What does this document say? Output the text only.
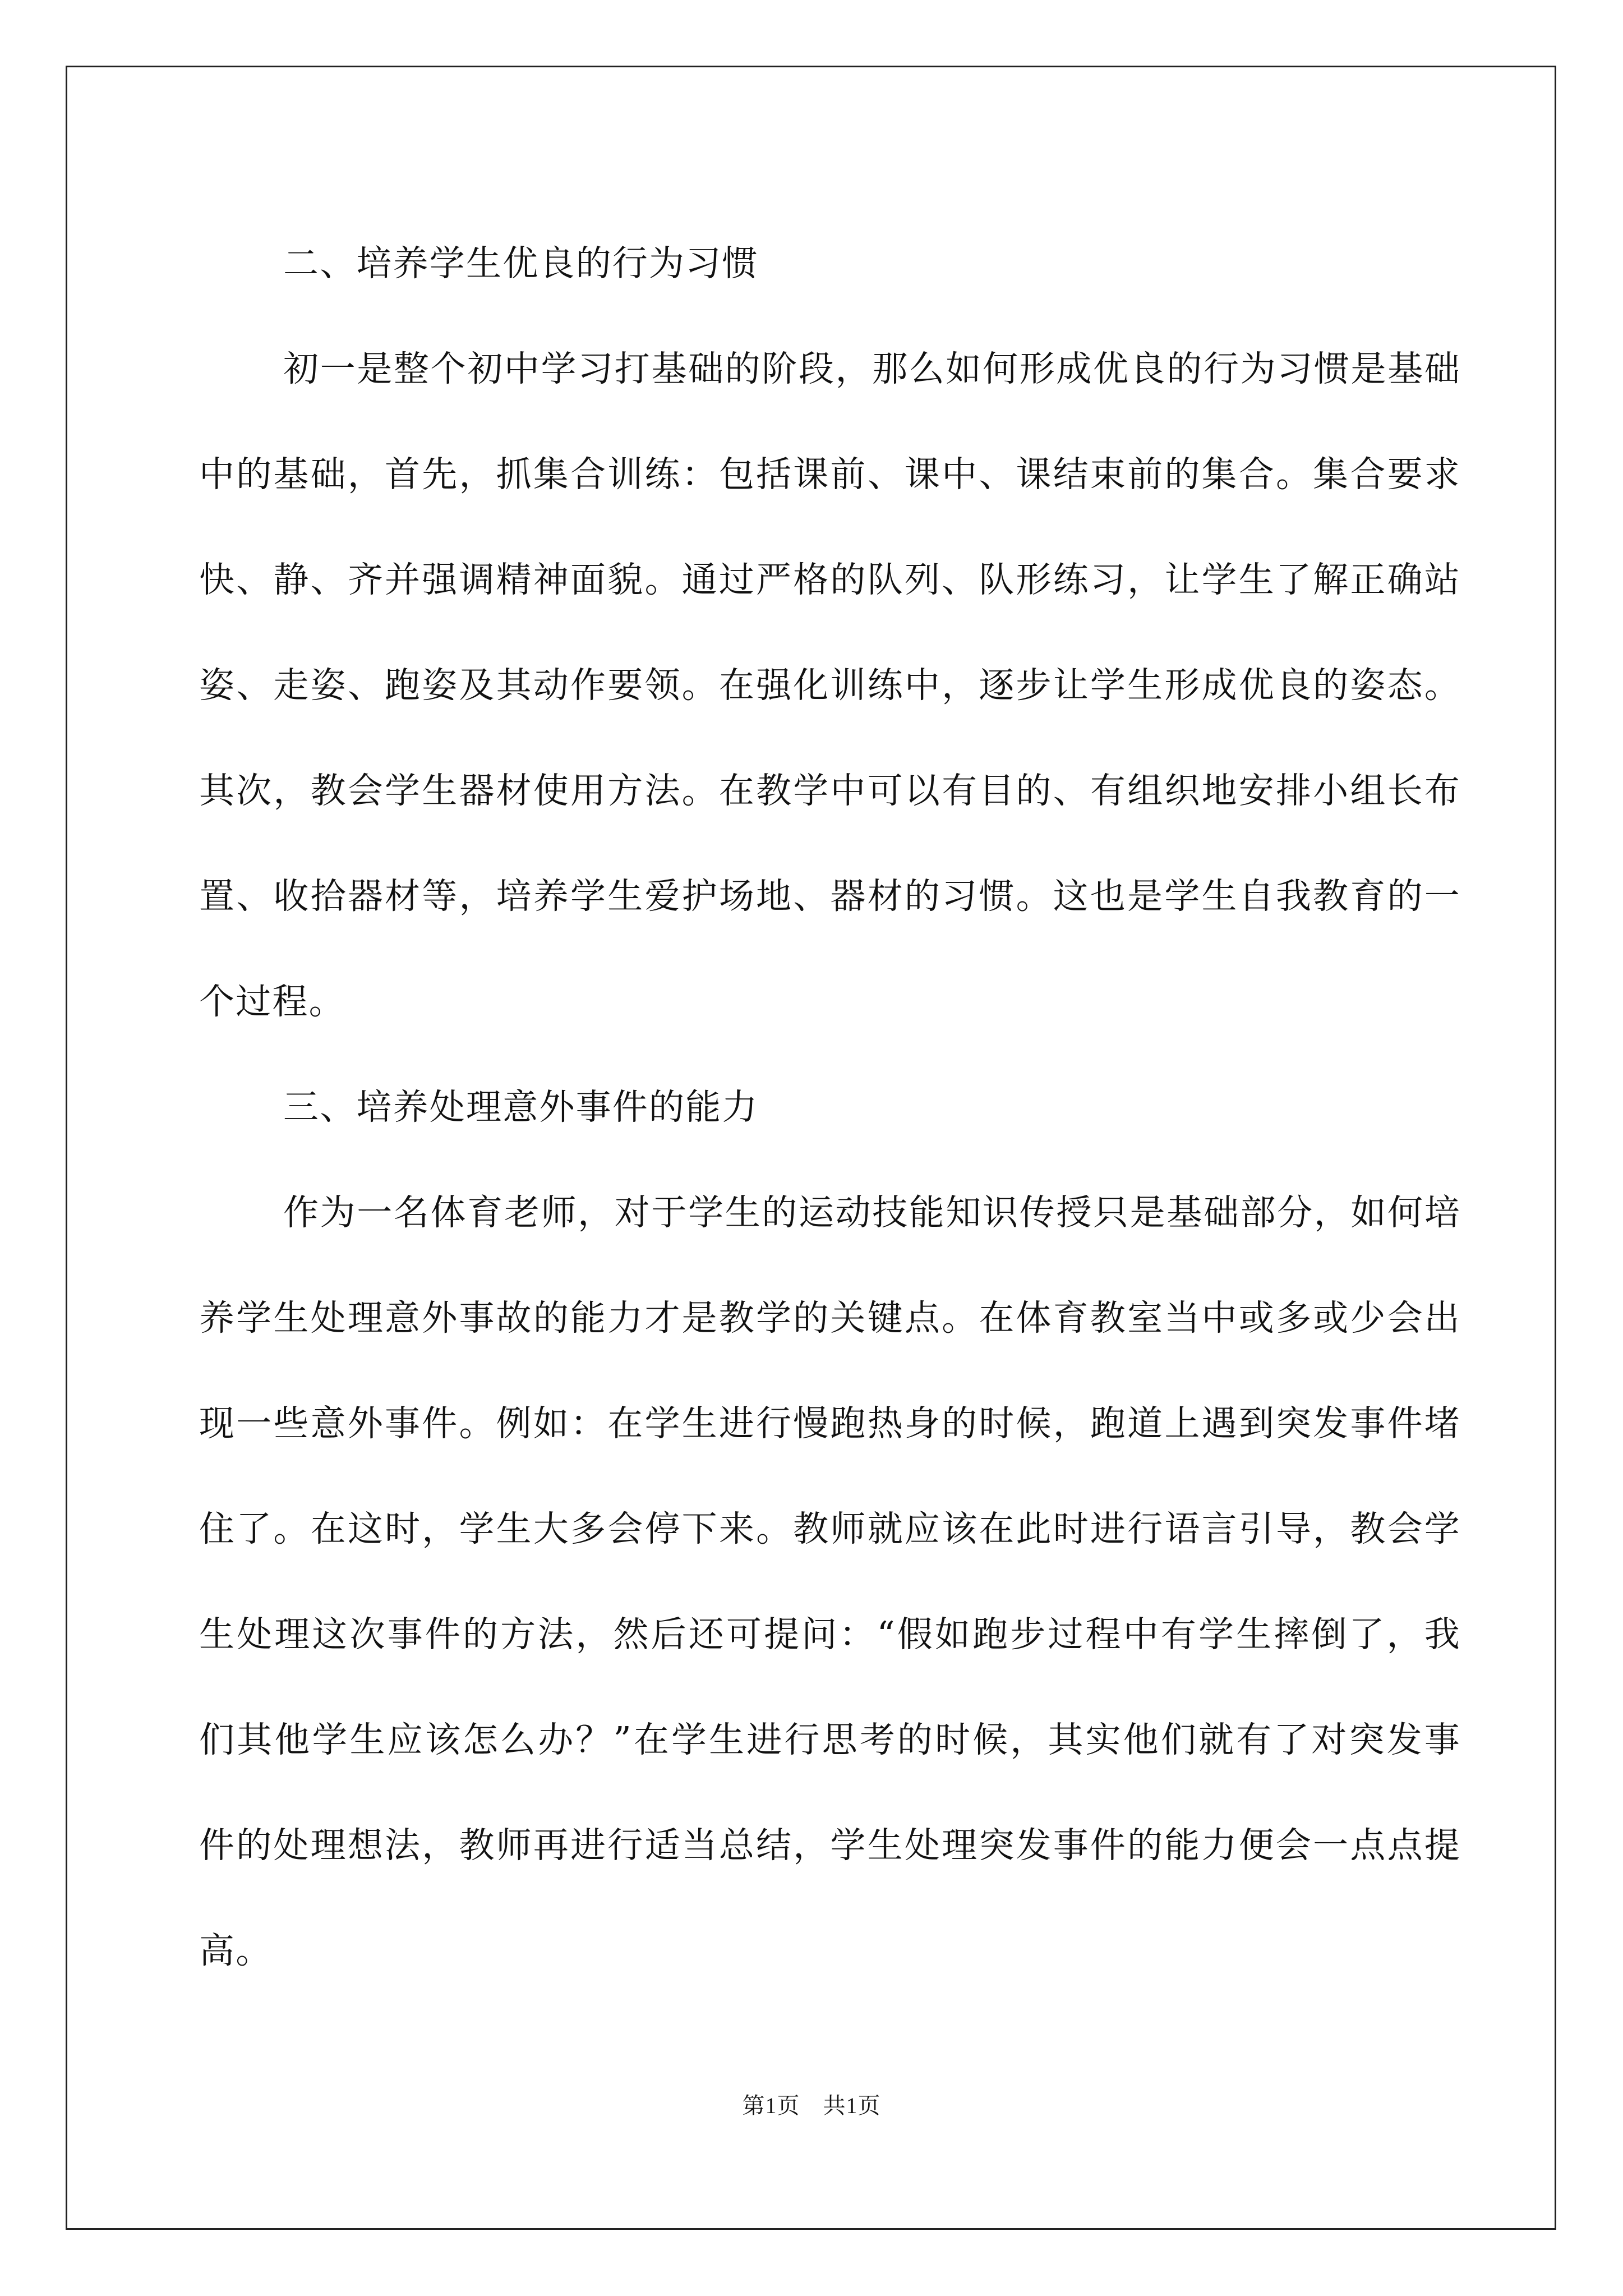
二、培养学生优良的行为习惯

初一是整个初中学习打基础的阶段，那么如何形成优良的行为习惯是基础中的基础，首先，抓集合训练：包括课前、课中、课结束前的集合。集合要求快、静、齐并强调精神面貌。通过严格的队列、队形练习，让学生了解正确站姿、走姿、跑姿及其动作要领。在强化训练中，逐步让学生形成优良的姿态。其次，教会学生器材使用方法。在教学中可以有目的、有组织地安排小组长布置、收拾器材等，培养学生爱护场地、器材的习惯。这也是学生自我教育的一个过程。

三、培养处理意外事件的能力

作为一名体育老师，对于学生的运动技能知识传授只是基础部分，如何培养学生处理意外事故的能力才是教学的关键点。在体育教室当中或多或少会出现一些意外事件。例如：在学生进行慢跑热身的时候，跑道上遇到突发事件堵住了。在这时，学生大多会停下来。教师就应该在此时进行语言引导，教会学生处理这次事件的方法，然后还可提问：“假如跑步过程中有学生摔倒了，我们其他学生应该怎么办？”在学生进行思考的时候，其实他们就有了对突发事件的处理想法，教师再进行适当总结，学生处理突发事件的能力便会一点点提高。

第1页　共1页
